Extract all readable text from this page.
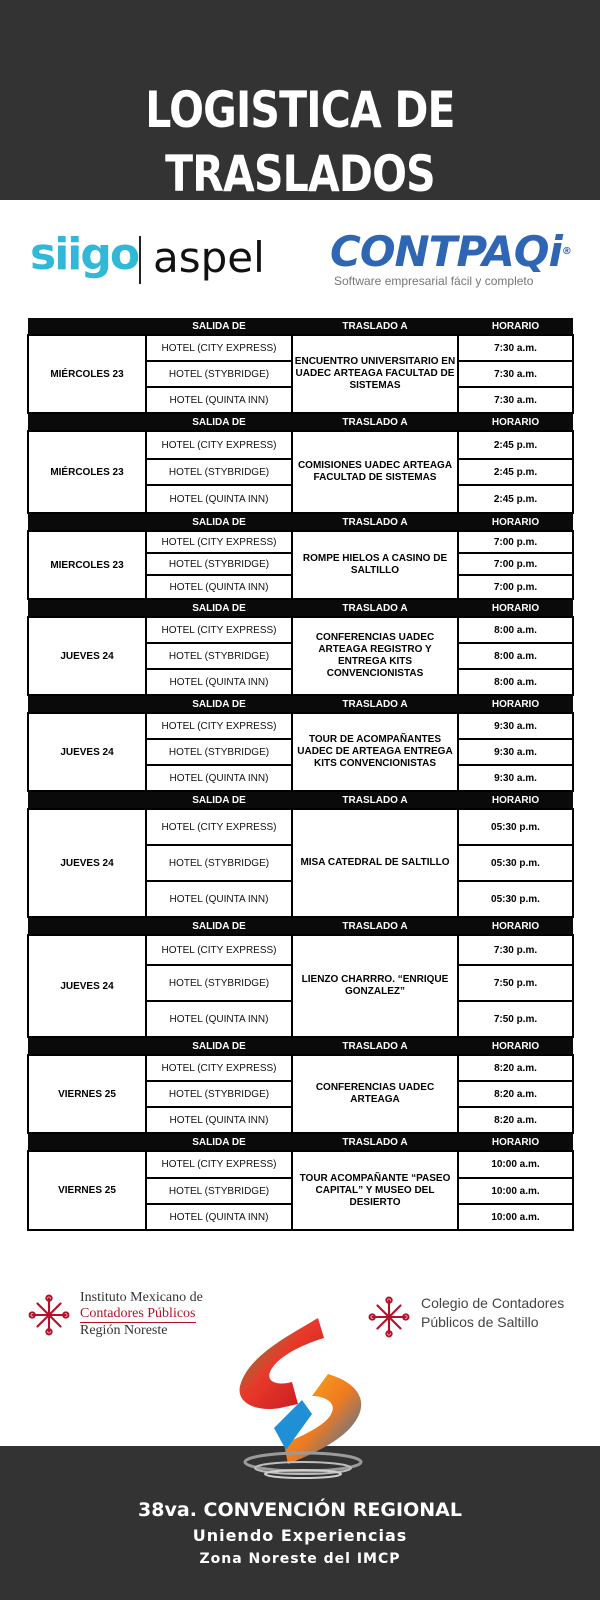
LOGISTICA DE TRASLADOS
siigo aspel CONTPAQi®
Software empresarial fácil y completo
	SALIDA DE	TRASLADO A	HORARIO
MIÉRCOLES 23	HOTEL (CITY EXPRESS)	ENCUENTRO UNIVERSITARIO EN UADEC ARTEAGA FACULTAD DE SISTEMAS	7:30 a.m.
	HOTEL (STYBRIDGE)		7:30 a.m.
	HOTEL (QUINTA INN)		7:30 a.m.
	SALIDA DE	TRASLADO A	HORARIO
MIÉRCOLES 23	HOTEL (CITY EXPRESS)	COMISIONES UADEC ARTEAGA FACULTAD DE SISTEMAS	2:45 p.m.
	HOTEL (STYBRIDGE)		2:45 p.m.
	HOTEL (QUINTA INN)		2:45 p.m.
	SALIDA DE	TRASLADO A	HORARIO
MIERCOLES 23	HOTEL (CITY EXPRESS)	ROMPE HIELOS A CASINO DE SALTILLO	7:00 p.m.
	HOTEL (STYBRIDGE)		7:00 p.m.
	HOTEL (QUINTA INN)		7:00 p.m.
	SALIDA DE	TRASLADO A	HORARIO
JUEVES 24	HOTEL (CITY EXPRESS)	CONFERENCIAS UADEC ARTEAGA REGISTRO Y ENTREGA KITS CONVENCIONISTAS	8:00 a.m.
	HOTEL (STYBRIDGE)		8:00 a.m.
	HOTEL (QUINTA INN)		8:00 a.m.
	SALIDA DE	TRASLADO A	HORARIO
JUEVES 24	HOTEL (CITY EXPRESS)	TOUR DE ACOMPAÑANTES UADEC DE ARTEAGA ENTREGA KITS CONVENCIONISTAS	9:30 a.m.
	HOTEL (STYBRIDGE)		9:30 a.m.
	HOTEL (QUINTA INN)		9:30 a.m.
	SALIDA DE	TRASLADO A	HORARIO
JUEVES 24	HOTEL (CITY EXPRESS)	MISA CATEDRAL DE SALTILLO	05:30 p.m.
	HOTEL (STYBRIDGE)		05:30 p.m.
	HOTEL (QUINTA INN)		05:30 p.m.
	SALIDA DE	TRASLADO A	HORARIO
JUEVES 24	HOTEL (CITY EXPRESS)	LIENZO CHARRRO. “ENRIQUE GONZALEZ”	7:30 p.m.
	HOTEL (STYBRIDGE)		7:50 p.m.
	HOTEL (QUINTA INN)		7:50 p.m.
	SALIDA DE	TRASLADO A	HORARIO
VIERNES 25	HOTEL (CITY EXPRESS)	CONFERENCIAS UADEC ARTEAGA	8:20 a.m.
	HOTEL (STYBRIDGE)		8:20 a.m.
	HOTEL (QUINTA INN)		8:20 a.m.
	SALIDA DE	TRASLADO A	HORARIO
VIERNES 25	HOTEL (CITY EXPRESS)	TOUR ACOMPAÑANTE “PASEO CAPITAL” Y MUSEO DEL DESIERTO	10:00 a.m.
	HOTEL (STYBRIDGE)		10:00 a.m.
	HOTEL (QUINTA INN)		10:00 a.m.
Instituto Mexicano de
Contadores Públicos
Región Noreste
Colegio de Contadores
Públicos de Saltillo
38va. CONVENCIÓN REGIONAL
Uniendo Experiencias
Zona Noreste del IMCP
